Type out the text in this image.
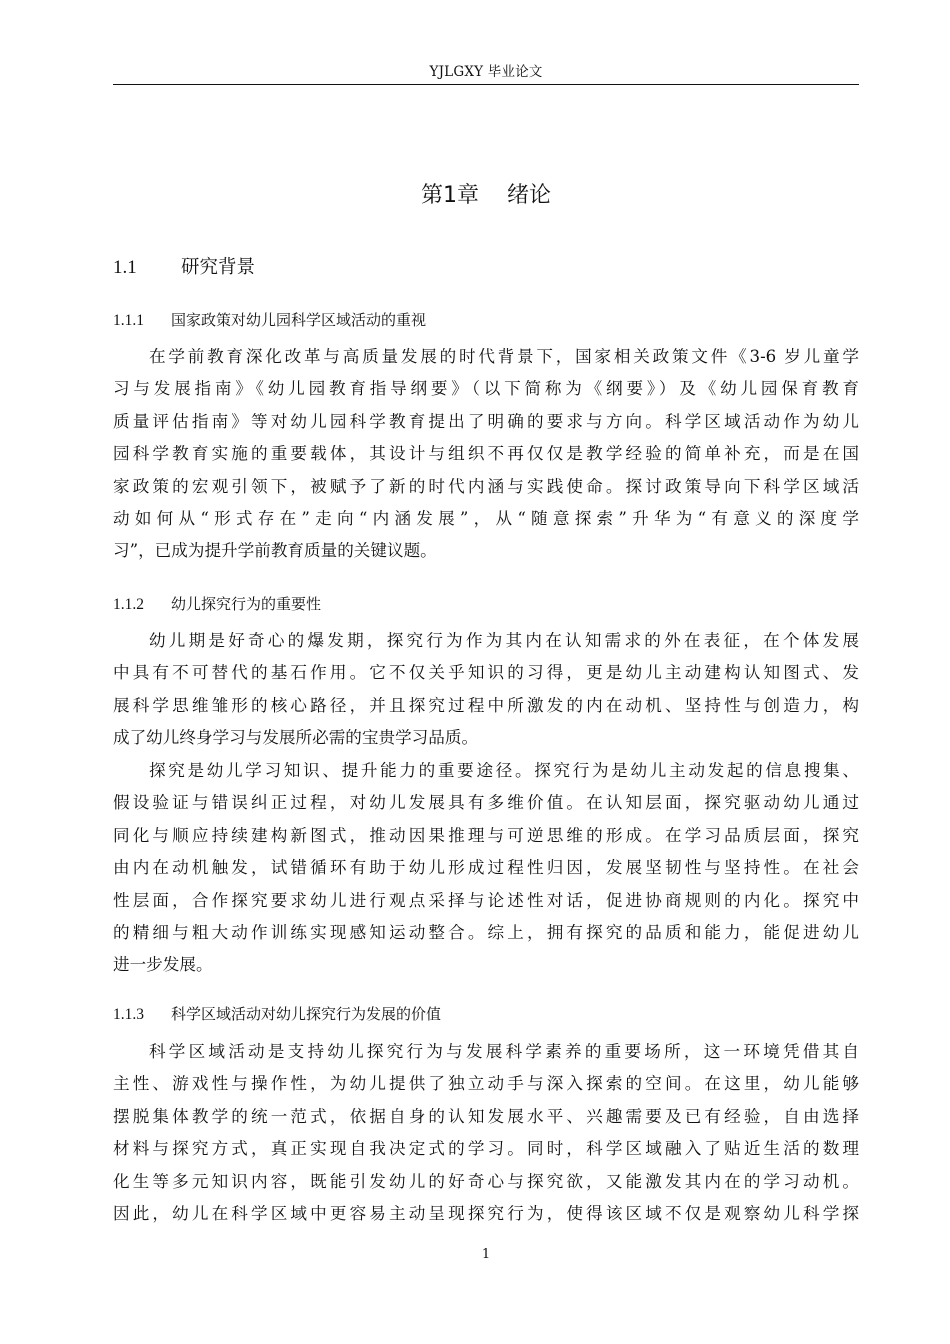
YJLGXY 毕业论文
第1章 绪论
1.1 研究背景
1.1.1 国家政策对幼儿园科学区域活动的重视
在学前教育深化改革与高质量发展的时代背景下，国家相关政策文件《3-6 岁儿童学
习与发展指南》《幼儿园教育指导纲要》（以下简称为《纲要》）及《幼儿园保育教育
质量评估指南》等对幼儿园科学教育提出了明确的要求与方向。科学区域活动作为幼儿
园科学教育实施的重要载体，其设计与组织不再仅仅是教学经验的简单补充，而是在国
家政策的宏观引领下，被赋予了新的时代内涵与实践使命。探讨政策导向下科学区域活
动如何从“形式存在”走向“内涵发展”，从“随意探索”升华为“有意义的深度学
习”，已成为提升学前教育质量的关键议题。
1.1.2 幼儿探究行为的重要性
幼儿期是好奇心的爆发期，探究行为作为其内在认知需求的外在表征，在个体发展
中具有不可替代的基石作用。它不仅关乎知识的习得，更是幼儿主动建构认知图式、发
展科学思维雏形的核心路径，并且探究过程中所激发的内在动机、坚持性与创造力，构
成了幼儿终身学习与发展所必需的宝贵学习品质。
探究是幼儿学习知识、提升能力的重要途径。探究行为是幼儿主动发起的信息搜集、
假设验证与错误纠正过程，对幼儿发展具有多维价值。在认知层面，探究驱动幼儿通过
同化与顺应持续建构新图式，推动因果推理与可逆思维的形成。在学习品质层面，探究
由内在动机触发，试错循环有助于幼儿形成过程性归因，发展坚韧性与坚持性。在社会
性层面，合作探究要求幼儿进行观点采择与论述性对话，促进协商规则的内化。探究中
的精细与粗大动作训练实现感知运动整合。综上，拥有探究的品质和能力，能促进幼儿
进一步发展。
1.1.3 科学区域活动对幼儿探究行为发展的价值
科学区域活动是支持幼儿探究行为与发展科学素养的重要场所，这一环境凭借其自
主性、游戏性与操作性，为幼儿提供了独立动手与深入探索的空间。在这里，幼儿能够
摆脱集体教学的统一范式，依据自身的认知发展水平、兴趣需要及已有经验，自由选择
材料与探究方式，真正实现自我决定式的学习。同时，科学区域融入了贴近生活的数理
化生等多元知识内容，既能引发幼儿的好奇心与探究欲，又能激发其内在的学习动机。
因此，幼儿在科学区域中更容易主动呈现探究行为，使得该区域不仅是观察幼儿科学探
1
